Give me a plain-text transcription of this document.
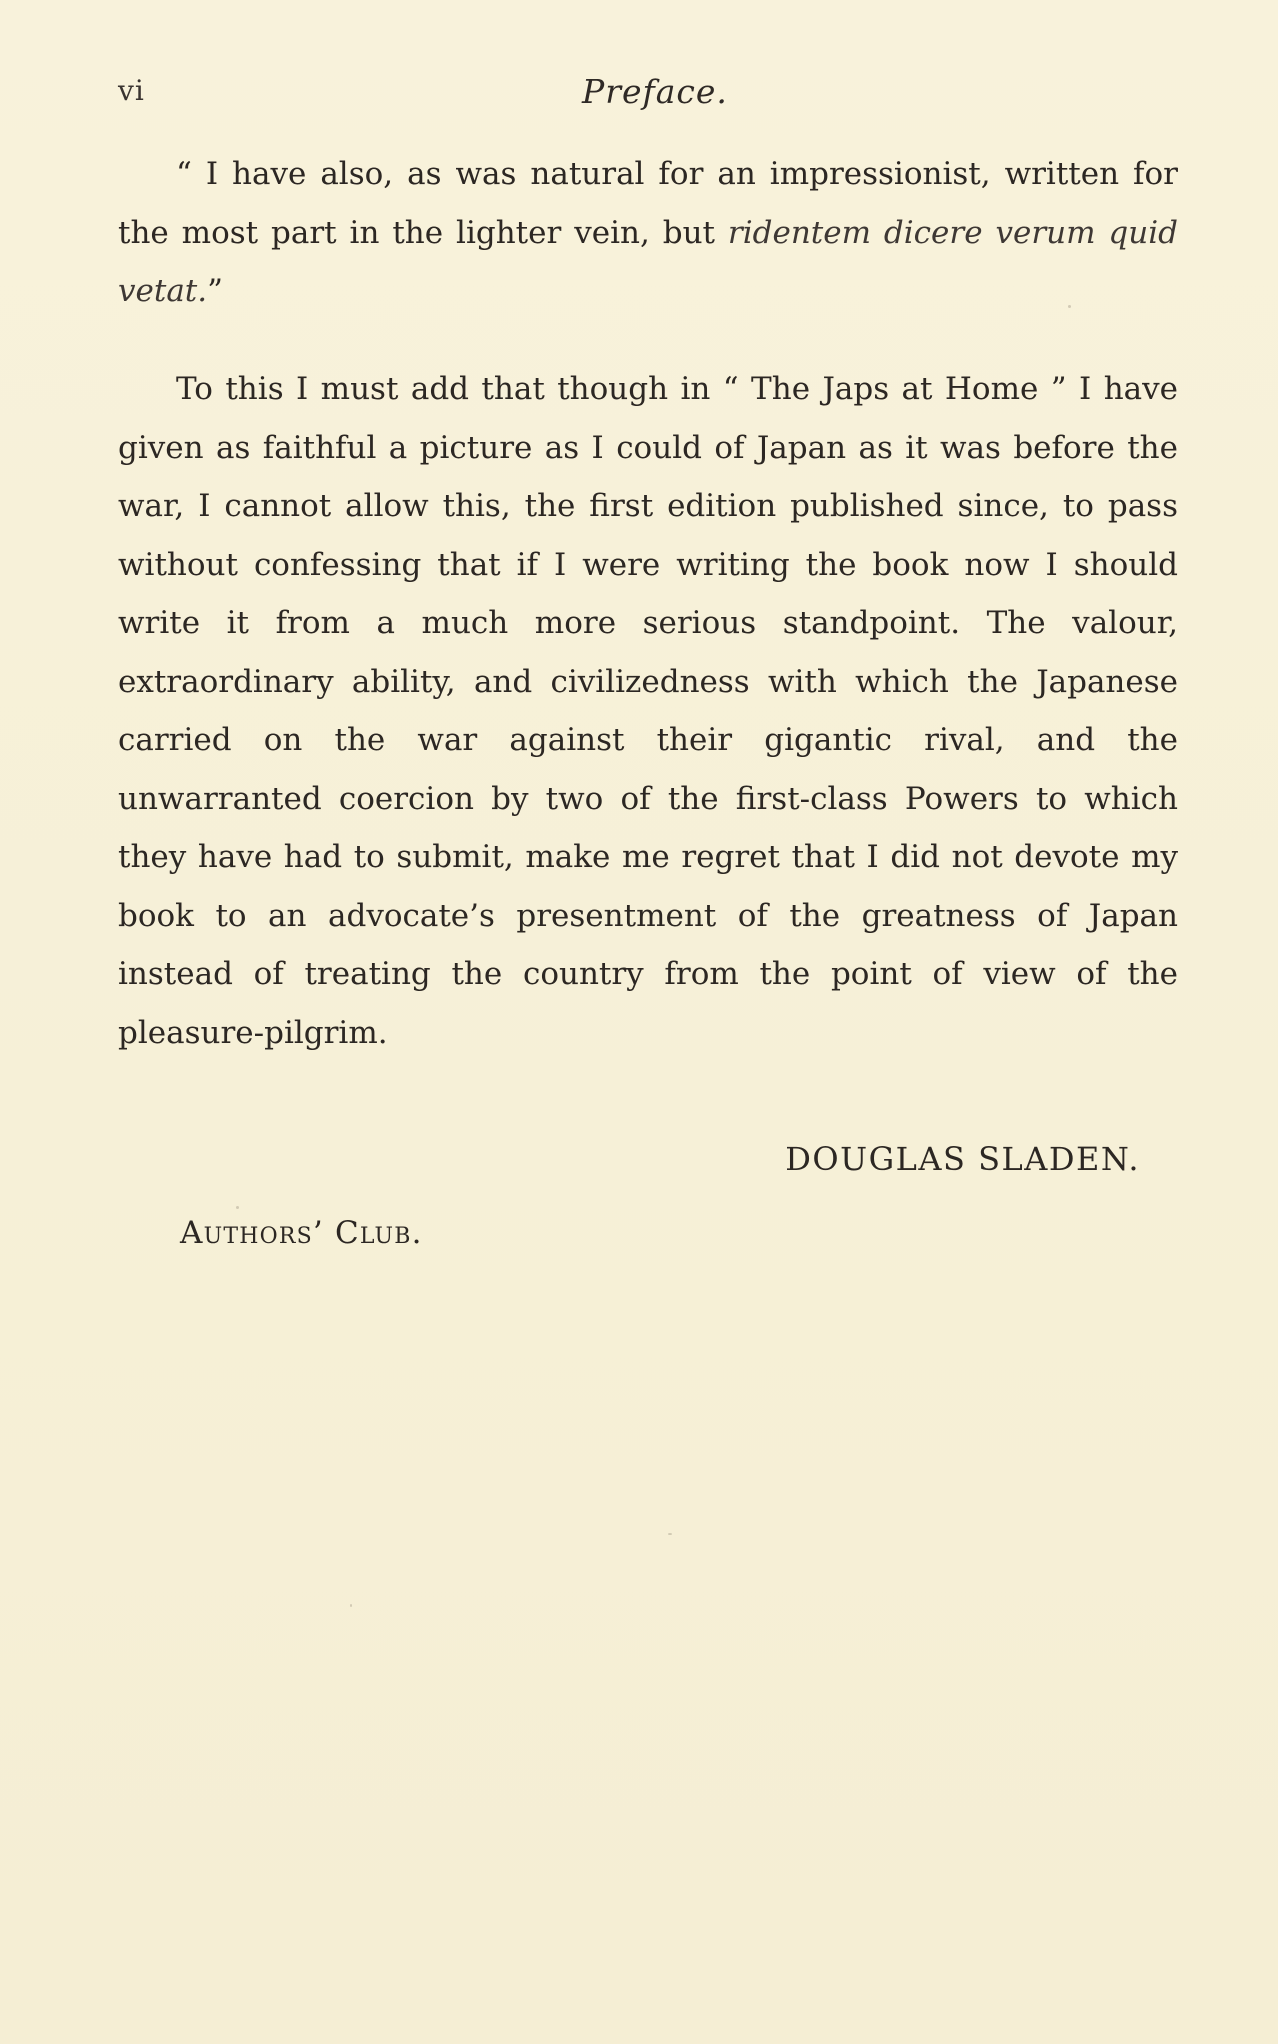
vi	Preface.

“ I have also, as was natural for an impressionist, written for the most part in the lighter vein, but ridentem dicere verum quid vetat.”

To this I must add that though in “ The Japs at Home ” I have given as faithful a picture as I could of Japan as it was before the war, I cannot allow this, the first edition published since, to pass without confessing that if I were writing the book now I should write it from a much more serious standpoint. The valour, extraordinary ability, and civilizedness with which the Japanese carried on the war against their gigantic rival, and the unwarranted coercion by two of the first-class Powers to which they have had to submit, make me regret that I did not devote my book to an advocate’s presentment of the greatness of Japan instead of treating the country from the point of view of the pleasure-pilgrim.

DOUGLAS SLADEN.
Authors’ Club.
